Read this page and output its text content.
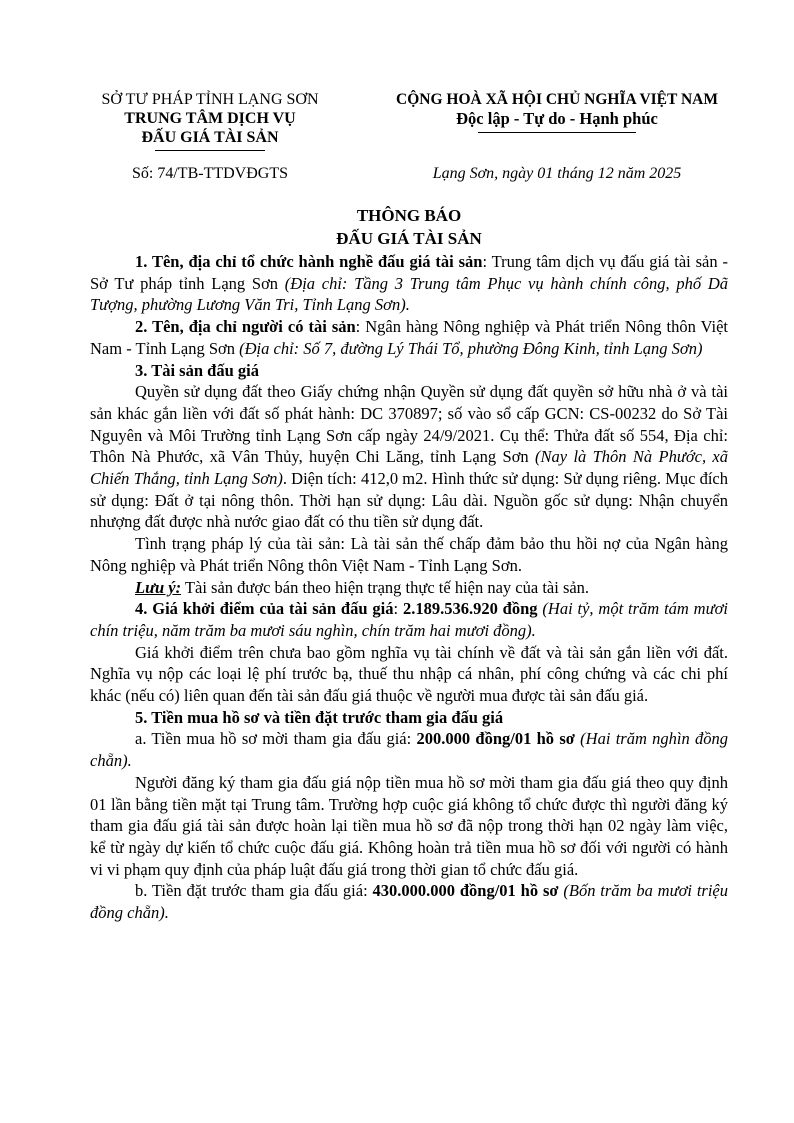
SỞ TƯ PHÁP TỈNH LẠNG SƠN
TRUNG TÂM DỊCH VỤ
ĐẤU GIÁ TÀI SẢN
Số: 74/TB-TTDVĐGTS
CỘNG HOÀ XÃ HỘI CHỦ NGHĨA VIỆT NAM
Độc lập - Tự do - Hạnh phúc
Lạng Sơn, ngày 01 tháng 12 năm 2025
THÔNG BÁO
ĐẤU GIÁ TÀI SẢN

1. Tên, địa chỉ tổ chức hành nghề đấu giá tài sản: Trung tâm dịch vụ đấu giá tài sản - Sở Tư pháp tỉnh Lạng Sơn (Địa chỉ: Tầng 3 Trung tâm Phục vụ hành chính công, phố Dã Tượng, phường Lương Văn Tri, Tỉnh Lạng Sơn).

2. Tên, địa chỉ người có tài sản: Ngân hàng Nông nghiệp và Phát triển Nông thôn Việt Nam - Tỉnh Lạng Sơn (Địa chỉ: Số 7, đường Lý Thái Tổ, phường Đông Kinh, tỉnh Lạng Sơn)

3. Tài sản đấu giá

Quyền sử dụng đất theo Giấy chứng nhận Quyền sử dụng đất quyền sở hữu nhà ở và tài sản khác gắn liền với đất số phát hành: DC 370897; số vào sổ cấp GCN: CS-00232 do Sở Tài Nguyên và Môi Trường tỉnh Lạng Sơn cấp ngày 24/9/2021. Cụ thể: Thửa đất số 554, Địa chỉ: Thôn Nà Phước, xã Vân Thủy, huyện Chi Lăng, tỉnh Lạng Sơn (Nay là Thôn Nà Phước, xã Chiến Thắng, tỉnh Lạng Sơn). Diện tích: 412,0 m2. Hình thức sử dụng: Sử dụng riêng. Mục đích sử dụng: Đất ở tại nông thôn. Thời hạn sử dụng: Lâu dài. Nguồn gốc sử dụng: Nhận chuyển nhượng đất được nhà nước giao đất có thu tiền sử dụng đất.

Tình trạng pháp lý của tài sản: Là tài sản thế chấp đảm bảo thu hồi nợ của Ngân hàng Nông nghiệp và Phát triển Nông thôn Việt Nam - Tỉnh Lạng Sơn.

Lưu ý: Tài sản được bán theo hiện trạng thực tế hiện nay của tài sản.

4. Giá khởi điểm của tài sản đấu giá: 2.189.536.920 đồng (Hai tỷ, một trăm tám mươi chín triệu, năm trăm ba mươi sáu nghìn, chín trăm hai mươi đồng).

Giá khởi điểm trên chưa bao gồm nghĩa vụ tài chính về đất và tài sản gắn liền với đất. Nghĩa vụ nộp các loại lệ phí trước bạ, thuế thu nhập cá nhân, phí công chứng và các chi phí khác (nếu có) liên quan đến tài sản đấu giá thuộc về người mua được tài sản đấu giá.

5. Tiền mua hồ sơ và tiền đặt trước tham gia đấu giá

a. Tiền mua hồ sơ mời tham gia đấu giá: 200.000 đồng/01 hồ sơ (Hai trăm nghìn đồng chẵn).

Người đăng ký tham gia đấu giá nộp tiền mua hồ sơ mời tham gia đấu giá theo quy định 01 lần bằng tiền mặt tại Trung tâm. Trường hợp cuộc giá không tổ chức được thì người đăng ký tham gia đấu giá tài sản được hoàn lại tiền mua hồ sơ đã nộp trong thời hạn 02 ngày làm việc, kể từ ngày dự kiến tổ chức cuộc đấu giá. Không hoàn trả tiền mua hồ sơ đối với người có hành vi vi phạm quy định của pháp luật đấu giá trong thời gian tổ chức đấu giá.

b. Tiền đặt trước tham gia đấu giá: 430.000.000 đồng/01 hồ sơ (Bốn trăm ba mươi triệu đồng chẵn).
